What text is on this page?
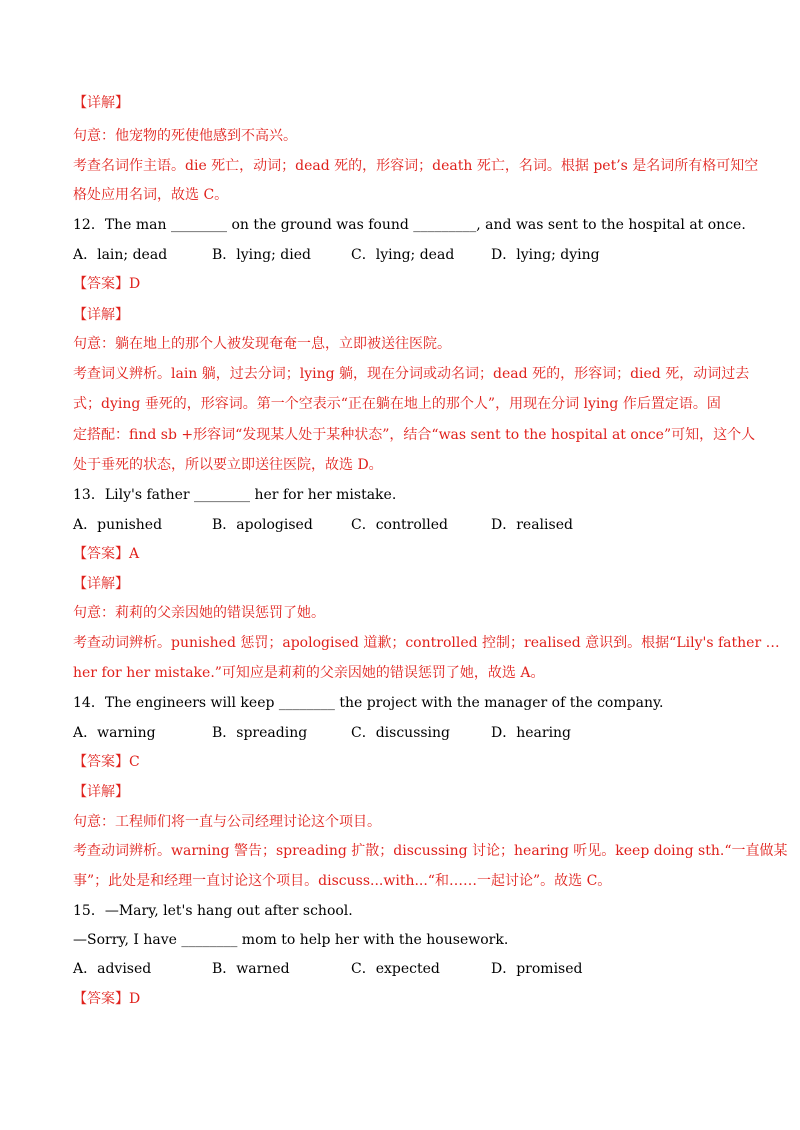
【详解】
句意：他宠物的死使他感到不高兴。
考查名词作主语。die 死亡，动词；dead 死的，形容词；death 死亡，名词。根据 pet’s 是名词所有格可知空
格处应用名词，故选 C。
12．The man ________ on the ground was found _________, and was sent to the hospital at once.
A．lain; dead	B．lying; died	C．lying; dead	D．lying; dying
【答案】D
【详解】
句意：躺在地上的那个人被发现奄奄一息，立即被送往医院。
考查词义辨析。lain 躺，过去分词；lying 躺，现在分词或动名词；dead 死的，形容词；died 死，动词过去
式；dying 垂死的，形容词。第一个空表示“正在躺在地上的那个人”，用现在分词 lying 作后置定语。固
定搭配：find sb +形容词“发现某人处于某种状态”，结合“was sent to the hospital at once”可知，这个人
处于垂死的状态，所以要立即送往医院，故选 D。
13．Lily's father ________ her for her mistake.
A．punished	B．apologised	C．controlled	D．realised
【答案】A
【详解】
句意：莉莉的父亲因她的错误惩罚了她。
考查动词辨析。punished 惩罚；apologised 道歉；controlled 控制；realised 意识到。根据“Lily's father …
her for her mistake.”可知应是莉莉的父亲因她的错误惩罚了她，故选 A。
14．The engineers will keep ________ the project with the manager of the company.
A．warning	B．spreading	C．discussing	D．hearing
【答案】C
【详解】
句意：工程师们将一直与公司经理讨论这个项目。
考查动词辨析。warning 警告；spreading 扩散；discussing 讨论；hearing 听见。keep doing sth.“一直做某
事”；此处是和经理一直讨论这个项目。discuss...with...“和……一起讨论”。故选 C。
15．—Mary, let's hang out after school.
—Sorry, I have ________ mom to help her with the housework.
A．advised	B．warned	C．expected	D．promised
【答案】D
